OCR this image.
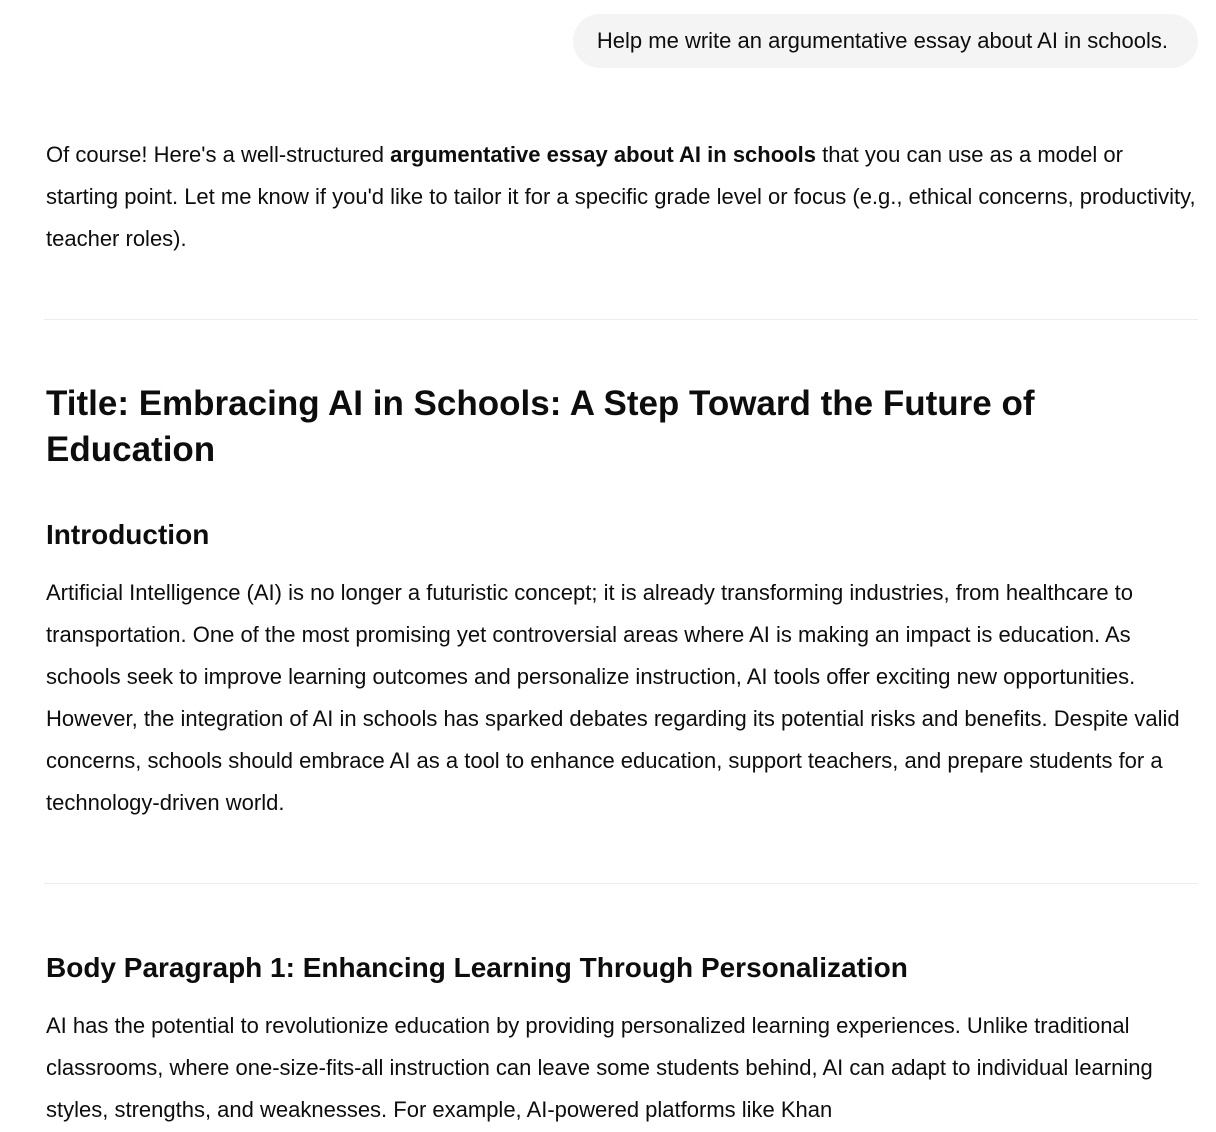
Help me write an argumentative essay about AI in schools.

Of course! Here's a well-structured argumentative essay about AI in schools that you can use as a model or starting point. Let me know if you'd like to tailor it for a specific grade level or focus (e.g., ethical concerns, productivity, teacher roles).

Title: Embracing AI in Schools: A Step Toward the Future of Education
Introduction

Artificial Intelligence (AI) is no longer a futuristic concept; it is already transforming industries, from healthcare to transportation. One of the most promising yet controversial areas where AI is making an impact is education. As schools seek to improve learning outcomes and personalize instruction, AI tools offer exciting new opportunities. However, the integration of AI in schools has sparked debates regarding its potential risks and benefits. Despite valid concerns, schools should embrace AI as a tool to enhance education, support teachers, and prepare students for a technology-driven world.

Body Paragraph 1: Enhancing Learning Through Personalization

AI has the potential to revolutionize education by providing personalized learning experiences. Unlike traditional classrooms, where one-size-fits-all instruction can leave some students behind, AI can adapt to individual learning styles, strengths, and weaknesses. For example, AI-powered platforms like Khan
